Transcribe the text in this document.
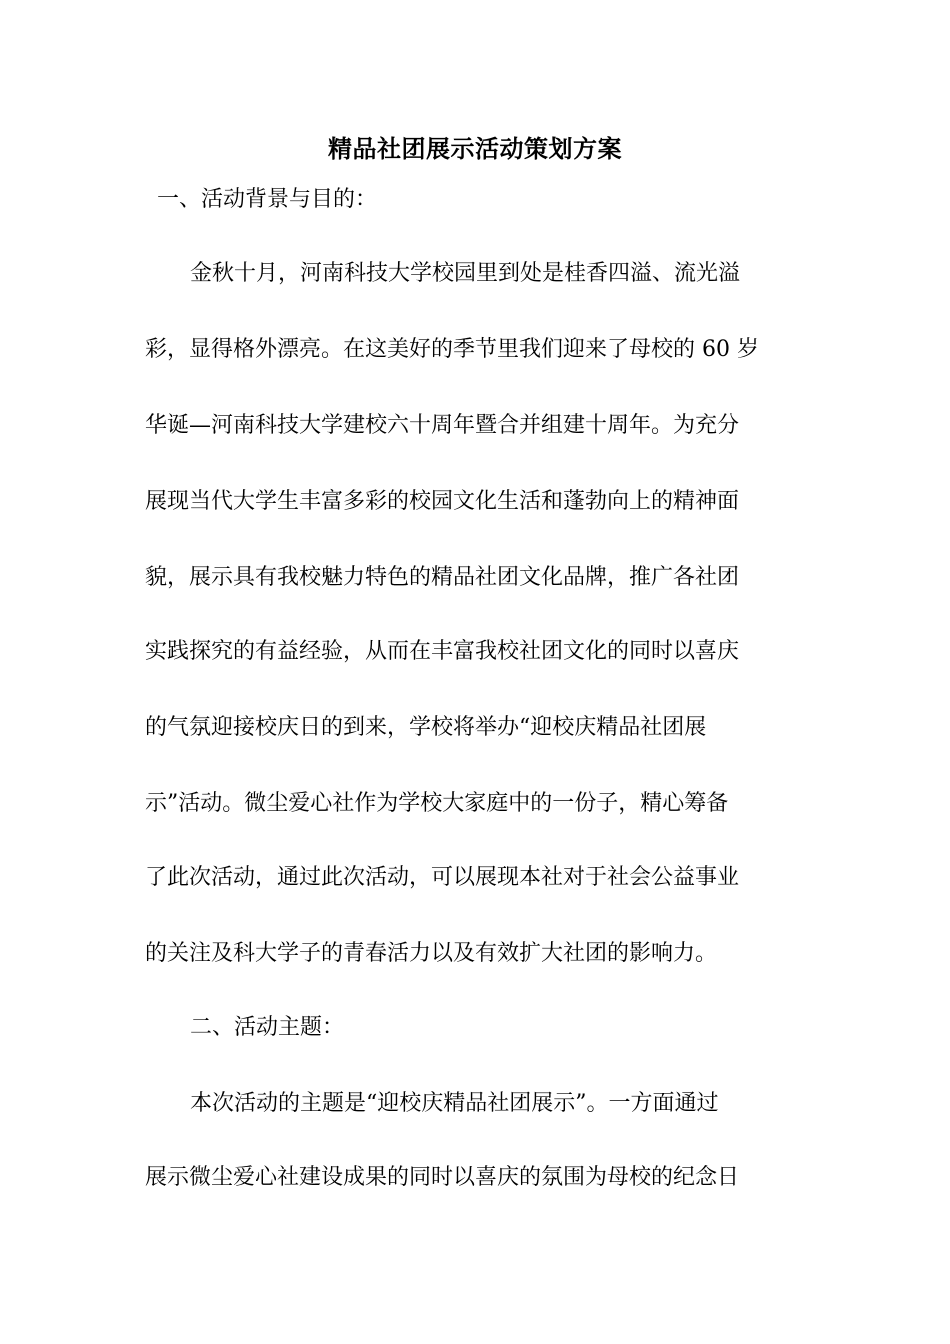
精品社团展示活动策划方案

一、活动背景与目的：

金秋十月，河南科技大学校园里到处是桂香四溢、流光溢

彩，显得格外漂亮。在这美好的季节里我们迎来了母校的 60 岁

华诞—河南科技大学建校六十周年暨合并组建十周年。为充分

展现当代大学生丰富多彩的校园文化生活和蓬勃向上的精神面

貌，展示具有我校魅力特色的精品社团文化品牌，推广各社团

实践探究的有益经验，从而在丰富我校社团文化的同时以喜庆

的气氛迎接校庆日的到来，学校将举办“迎校庆精品社团展

示”活动。微尘爱心社作为学校大家庭中的一份子，精心筹备

了此次活动，通过此次活动，可以展现本社对于社会公益事业

的关注及科大学子的青春活力以及有效扩大社团的影响力。

二、活动主题：

本次活动的主题是“迎校庆精品社团展示”。一方面通过

展示微尘爱心社建设成果的同时以喜庆的氛围为母校的纪念日
